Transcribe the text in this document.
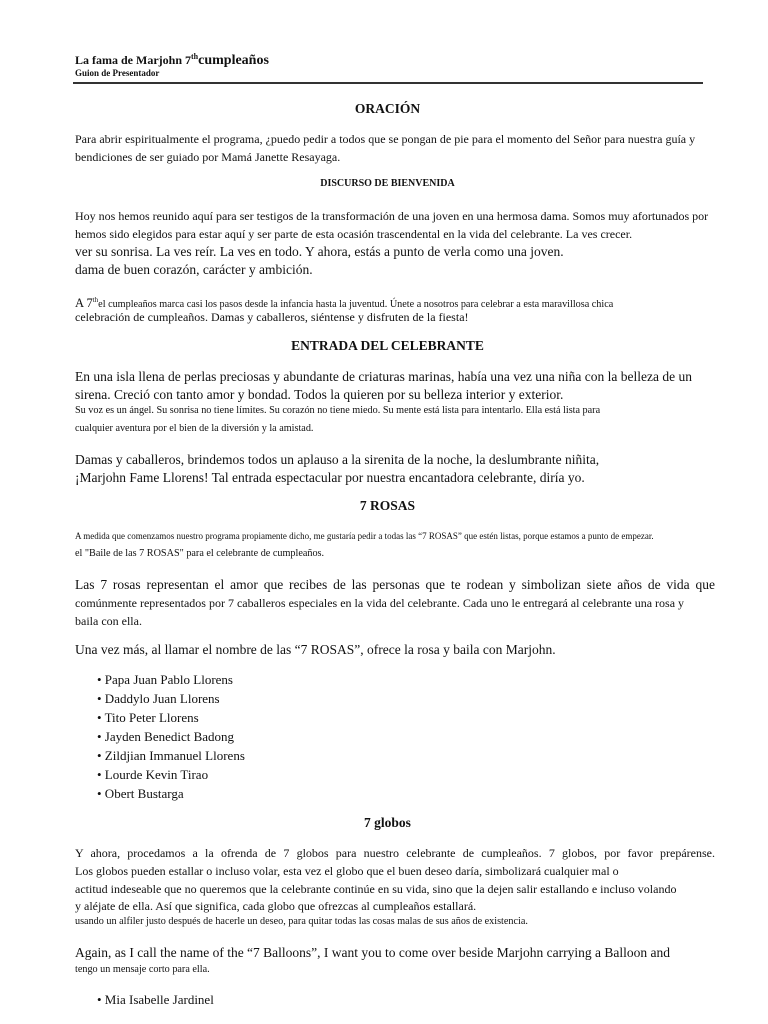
La fama de Marjohn 7thcumpleaños
Guion de Presentador
ORACIÓN
Para abrir espiritualmente el programa, ¿puedo pedir a todos que se pongan de pie para el momento del Señor para nuestra guía y
bendiciones de ser guiado por Mamá Janette Resayaga.
DISCURSO DE BIENVENIDA
Hoy nos hemos reunido aquí para ser testigos de la transformación de una joven en una hermosa dama. Somos muy afortunados por
hemos sido elegidos para estar aquí y ser parte de esta ocasión trascendental en la vida del celebrante. La ves crecer.
ver su sonrisa. La ves reír. La ves en todo. Y ahora, estás a punto de verla como una joven.
dama de buen corazón, carácter y ambición.
A 7thel cumpleaños marca casi los pasos desde la infancia hasta la juventud. Únete a nosotros para celebrar a esta maravillosa chica
celebración de cumpleaños. Damas y caballeros, siéntense y disfruten de la fiesta!
ENTRADA DEL CELEBRANTE
En una isla llena de perlas preciosas y abundante de criaturas marinas, había una vez una niña con la belleza de un
sirena. Creció con tanto amor y bondad. Todos la quieren por su belleza interior y exterior.
Su voz es un ángel. Su sonrisa no tiene límites. Su corazón no tiene miedo. Su mente está lista para intentarlo. Ella está lista para
cualquier aventura por el bien de la diversión y la amistad.
Damas y caballeros, brindemos todos un aplauso a la sirenita de la noche, la deslumbrante niñita,
¡Marjohn Fame Llorens! Tal entrada espectacular por nuestra encantadora celebrante, diría yo.
7 ROSAS
A medida que comenzamos nuestro programa propiamente dicho, me gustaría pedir a todas las “7 ROSAS” que estén listas, porque estamos a punto de empezar.
el "Baile de las 7 ROSAS" para el celebrante de cumpleaños.
Las 7 rosas representan el amor que recibes de las personas que te rodean y simbolizan siete años de vida que
comúnmente representados por 7 caballeros especiales en la vida del celebrante. Cada uno le entregará al celebrante una rosa y
baila con ella.
Una vez más, al llamar el nombre de las “7 ROSAS”, ofrece la rosa y baila con Marjohn.
• Papa Juan Pablo Llorens
• Daddylo Juan Llorens
• Tito Peter Llorens
• Jayden Benedict Badong
• Zildjian Immanuel Llorens
• Lourde Kevin Tirao
• Obert Bustarga
7 globos
Y ahora, procedamos a la ofrenda de 7 globos para nuestro celebrante de cumpleaños. 7 globos, por favor prepárense.
Los globos pueden estallar o incluso volar, esta vez el globo que el buen deseo daría, simbolizará cualquier mal o
actitud indeseable que no queremos que la celebrante continúe en su vida, sino que la dejen salir estallando e incluso volando
y aléjate de ella. Así que significa, cada globo que ofrezcas al cumpleaños estallará.
usando un alfiler justo después de hacerle un deseo, para quitar todas las cosas malas de sus años de existencia.
Again, as I call the name of the “7 Balloons”, I want you to come over beside Marjohn carrying a Balloon and
tengo un mensaje corto para ella.
• Mia Isabelle Jardinel
